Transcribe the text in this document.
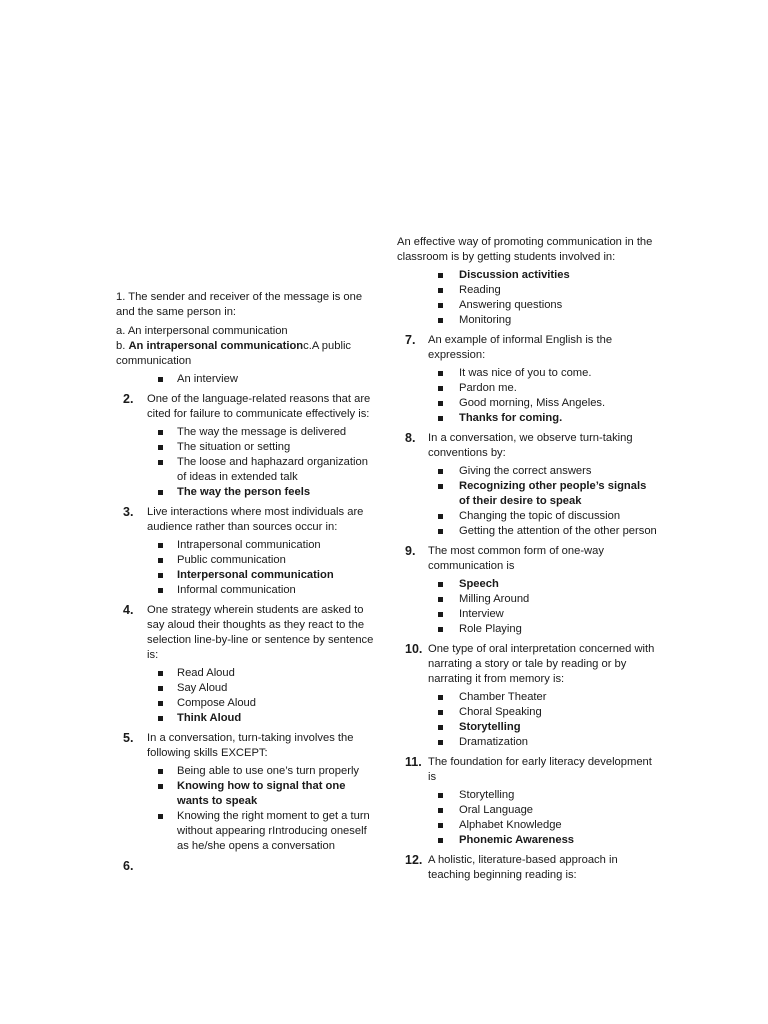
1. The sender and receiver of the message is one and the same person in:

a. An interpersonal communication
b. An intrapersonal communicationc.A public communication
An interview
2.	One of the language-related reasons that are cited for failure to communicate effectively is:
The way the message is delivered
The situation or setting
The loose and haphazard organization of ideas in extended talk
The way the person feels
3.	Live interactions where most individuals are audience rather than sources occur in:
Intrapersonal communication
Public communication
Interpersonal communication
Informal communication
4.	One strategy wherein students are asked to say aloud their thoughts as they react to the selection line-by-line or sentence by sentence is:
Read Aloud
Say Aloud
Compose Aloud
Think Aloud
5.	In a conversation, turn-taking involves the following skills EXCEPT:
Being able to use one’s turn properly
Knowing how to signal that one wants to speak
Knowing the right moment to get a turn without appearing rIntroducing oneself as he/she opens a conversation
6.

An effective way of promoting communication in the classroom is by getting students involved in:

Discussion activities
Reading
Answering questions
Monitoring
7.	An example of informal English is the expression:
It was nice of you to come.
Pardon me.
Good morning, Miss Angeles.
Thanks for coming.
8.	In a conversation, we observe turn-taking conventions by:
Giving the correct answers
Recognizing other people’s signals of their desire to speak
Changing the topic of discussion
Getting the attention of the other person
9.	The most common form of one-way communication is
Speech
Milling Around
Interview
Role Playing
10. One type of oral interpretation concerned with narrating a story or tale by reading or by narrating it from memory is:
Chamber Theater
Choral Speaking
Storytelling
Dramatization
11. The foundation for early literacy development is
Storytelling
Oral Language
Alphabet Knowledge
Phonemic Awareness
12. A holistic, literature-based approach in teaching beginning reading is:
